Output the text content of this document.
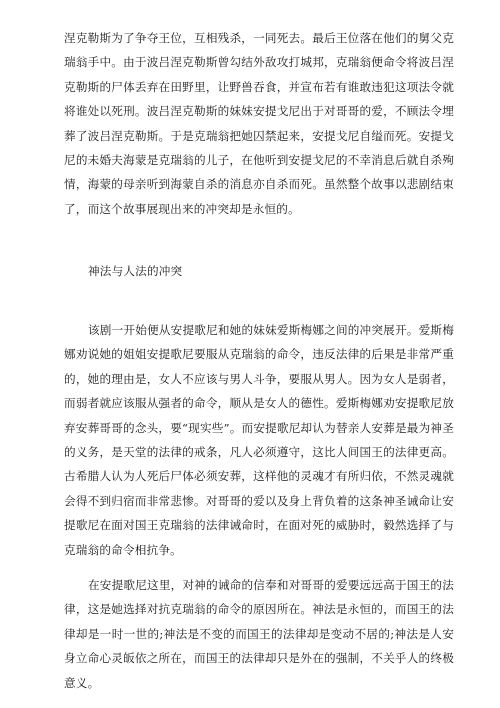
涅克勒斯为了争夺王位，互相残杀，一同死去。最后王位落在他们的舅父克瑞翁手中。由于波吕涅克勒斯曾勾结外敌攻打城邦，克瑞翁便命令将波吕涅克勒斯的尸体丢弃在田野里，让野兽吞食，并宣布若有谁敢违犯这项法令就将谁处以死刑。波吕涅克勒斯的妹妹安提戈尼出于对哥哥的爱，不顾法令埋葬了波吕涅克勒斯。于是克瑞翁把她囚禁起来，安提戈尼自缢而死。安提戈尼的未婚夫海蒙是克瑞翁的儿子，在他听到安提戈尼的不幸消息后就自杀殉情，海蒙的母亲听到海蒙自杀的消息亦自杀而死。虽然整个故事以悲剧结束了，而这个故事展现出来的冲突却是永恒的。

神法与人法的冲突

该剧一开始便从安提歌尼和她的妹妹爱斯梅娜之间的冲突展开。爱斯梅娜劝说她的姐姐安提歌尼要服从克瑞翁的命令，违反法律的后果是非常严重的，她的理由是，女人不应该与男人斗争，要服从男人。因为女人是弱者，而弱者就应该服从强者的命令，顺从是女人的德性。爱斯梅娜劝安提歌尼放弃安葬哥哥的念头，要“现实些”。而安提歌尼却认为替亲人安葬是最为神圣的义务，是天堂的法律的戒条，凡人必须遵守，这比人间国王的法律更高。古希腊人认为人死后尸体必须安葬，这样他的灵魂才有所归依，不然灵魂就会得不到归宿而非常悲惨。对哥哥的爱以及身上背负着的这条神圣诫命让安提歌尼在面对国王克瑞翁的法律诫命时，在面对死的威胁时，毅然选择了与克瑞翁的命令相抗争。

在安提歌尼这里，对神的诫命的信奉和对哥哥的爱要远远高于国王的法律，这是她选择对抗克瑞翁的命令的原因所在。神法是永恒的，而国王的法律却是一时一世的;神法是不变的而国王的法律却是变动不居的;神法是人安身立命心灵皈依之所在，而国王的法律却只是外在的强制，不关乎人的终极意义。
